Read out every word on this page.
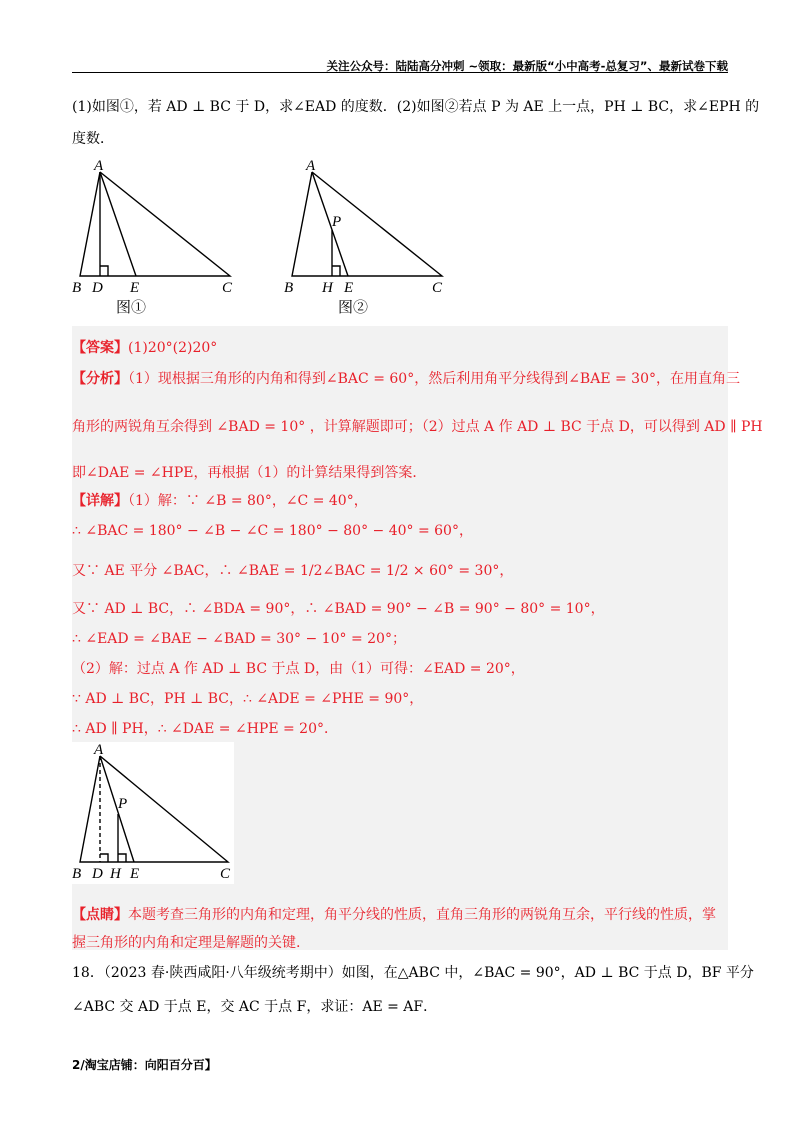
关注公众号：陆陆高分冲刺 ~领取：最新版“小中高考-总复习”、最新试卷下载
(1)如图①，若 AD ⊥ BC 于 D，求∠EAD 的度数．(2)如图②若点 P 为 AE 上一点，PH ⊥ BC，求∠EPH 的
度数．
A
B D E	C
图①
A
P
B H E	C
图②
【答案】(1)20°(2)20°
【分析】（1）现根据三角形的内角和得到∠BAC = 60°，然后利用角平分线得到∠BAE = 30°，在用直角三
角形的两锐角互余得到 ∠BAD = 10° ，计算解题即可；（2）过点 A 作 AD ⊥ BC 于点 D，可以得到 AD ∥ PH
即∠DAE = ∠HPE，再根据（1）的计算结果得到答案．
【详解】（1）解：∵ ∠B = 80°，∠C = 40°，
∴ ∠BAC = 180° − ∠B − ∠C = 180° − 80° − 40° = 60°，
又∵ AE 平分 ∠BAC，∴ ∠BAE = 1/2∠BAC = 1/2 × 60° = 30°，
又∵ AD ⊥ BC，∴ ∠BDA = 90°，∴ ∠BAD = 90° − ∠B = 90° − 80° = 10°，
∴ ∠EAD = ∠BAE − ∠BAD = 30° − 10° = 20°；
（2）解：过点 A 作 AD ⊥ BC 于点 D，由（1）可得：∠EAD = 20°，
∵ AD ⊥ BC，PH ⊥ BC，∴ ∠ADE = ∠PHE = 90°，
∴ AD ∥ PH，∴ ∠DAE = ∠HPE = 20°．
A
P
B D H E	C
【点睛】本题考查三角形的内角和定理，角平分线的性质，直角三角形的两锐角互余，平行线的性质，掌
握三角形的内角和定理是解题的关键.
18．（2023 春·陕西咸阳·八年级统考期中）如图，在△ABC 中，∠BAC = 90°，AD ⊥ BC 于点 D，BF 平分
∠ABC 交 AD 于点 E，交 AC 于点 F，求证：AE = AF．
2/淘宝店铺：向阳百分百】
